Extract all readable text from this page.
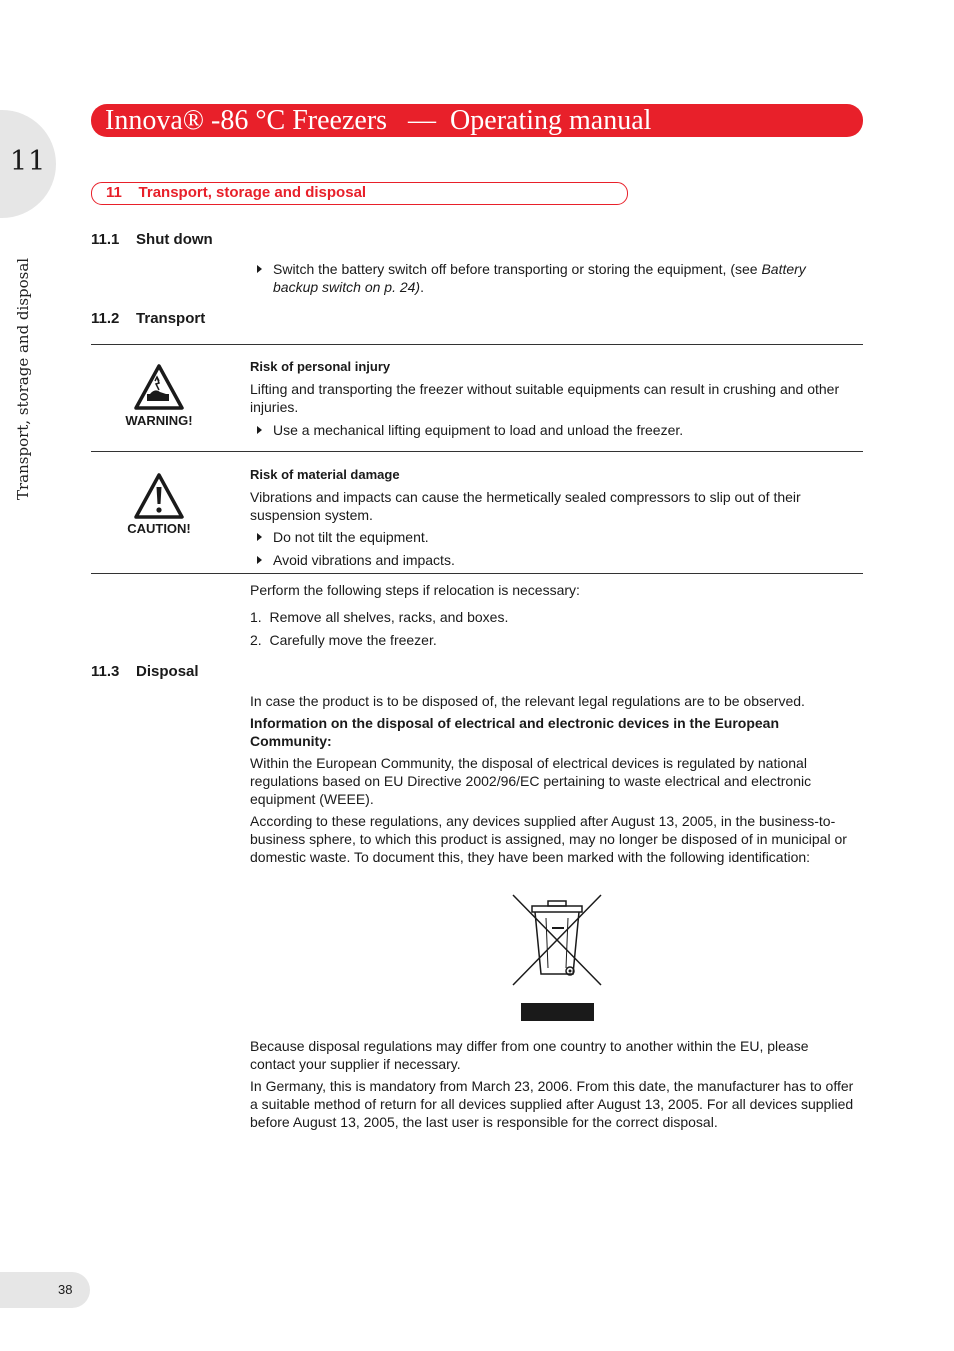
11
Transport, storage and disposal
Innova® -86 °C Freezers   —  Operating manual
11    Transport, storage and disposal
11.1    Shut down
Switch the battery switch off before transporting or storing the equipment, (see Battery backup switch on p. 24).
11.2    Transport
WARNING!
Risk of personal injury
Lifting and transporting the freezer without suitable equipments can result in crushing and other injuries.
Use a mechanical lifting equipment to load and unload the freezer.
CAUTION!
Risk of material damage
Vibrations and impacts can cause the hermetically sealed compressors to slip out of their suspension system.
Do not tilt the equipment.
Avoid vibrations and impacts.
Perform the following steps if relocation is necessary:
1.  Remove all shelves, racks, and boxes.
2.  Carefully move the freezer.
11.3    Disposal
In case the product is to be disposed of, the relevant legal regulations are to be observed.
Information on the disposal of electrical and electronic devices in the European Community:
Within the European Community, the disposal of electrical devices is regulated by national regulations based on EU Directive 2002/96/EC pertaining to waste electrical and electronic equipment (WEEE).
According to these regulations, any devices supplied after August 13, 2005, in the business-to-business sphere, to which this product is assigned, may no longer be disposed of in municipal or domestic waste. To document this, they have been marked with the following identification:
Because disposal regulations may differ from one country to another within the EU, please contact your supplier if necessary.
In Germany, this is mandatory from March 23, 2006. From this date, the manufacturer has to offer a suitable method of return for all devices supplied after August 13, 2005. For all devices supplied before August 13, 2005, the last user is responsible for the correct disposal.
38
